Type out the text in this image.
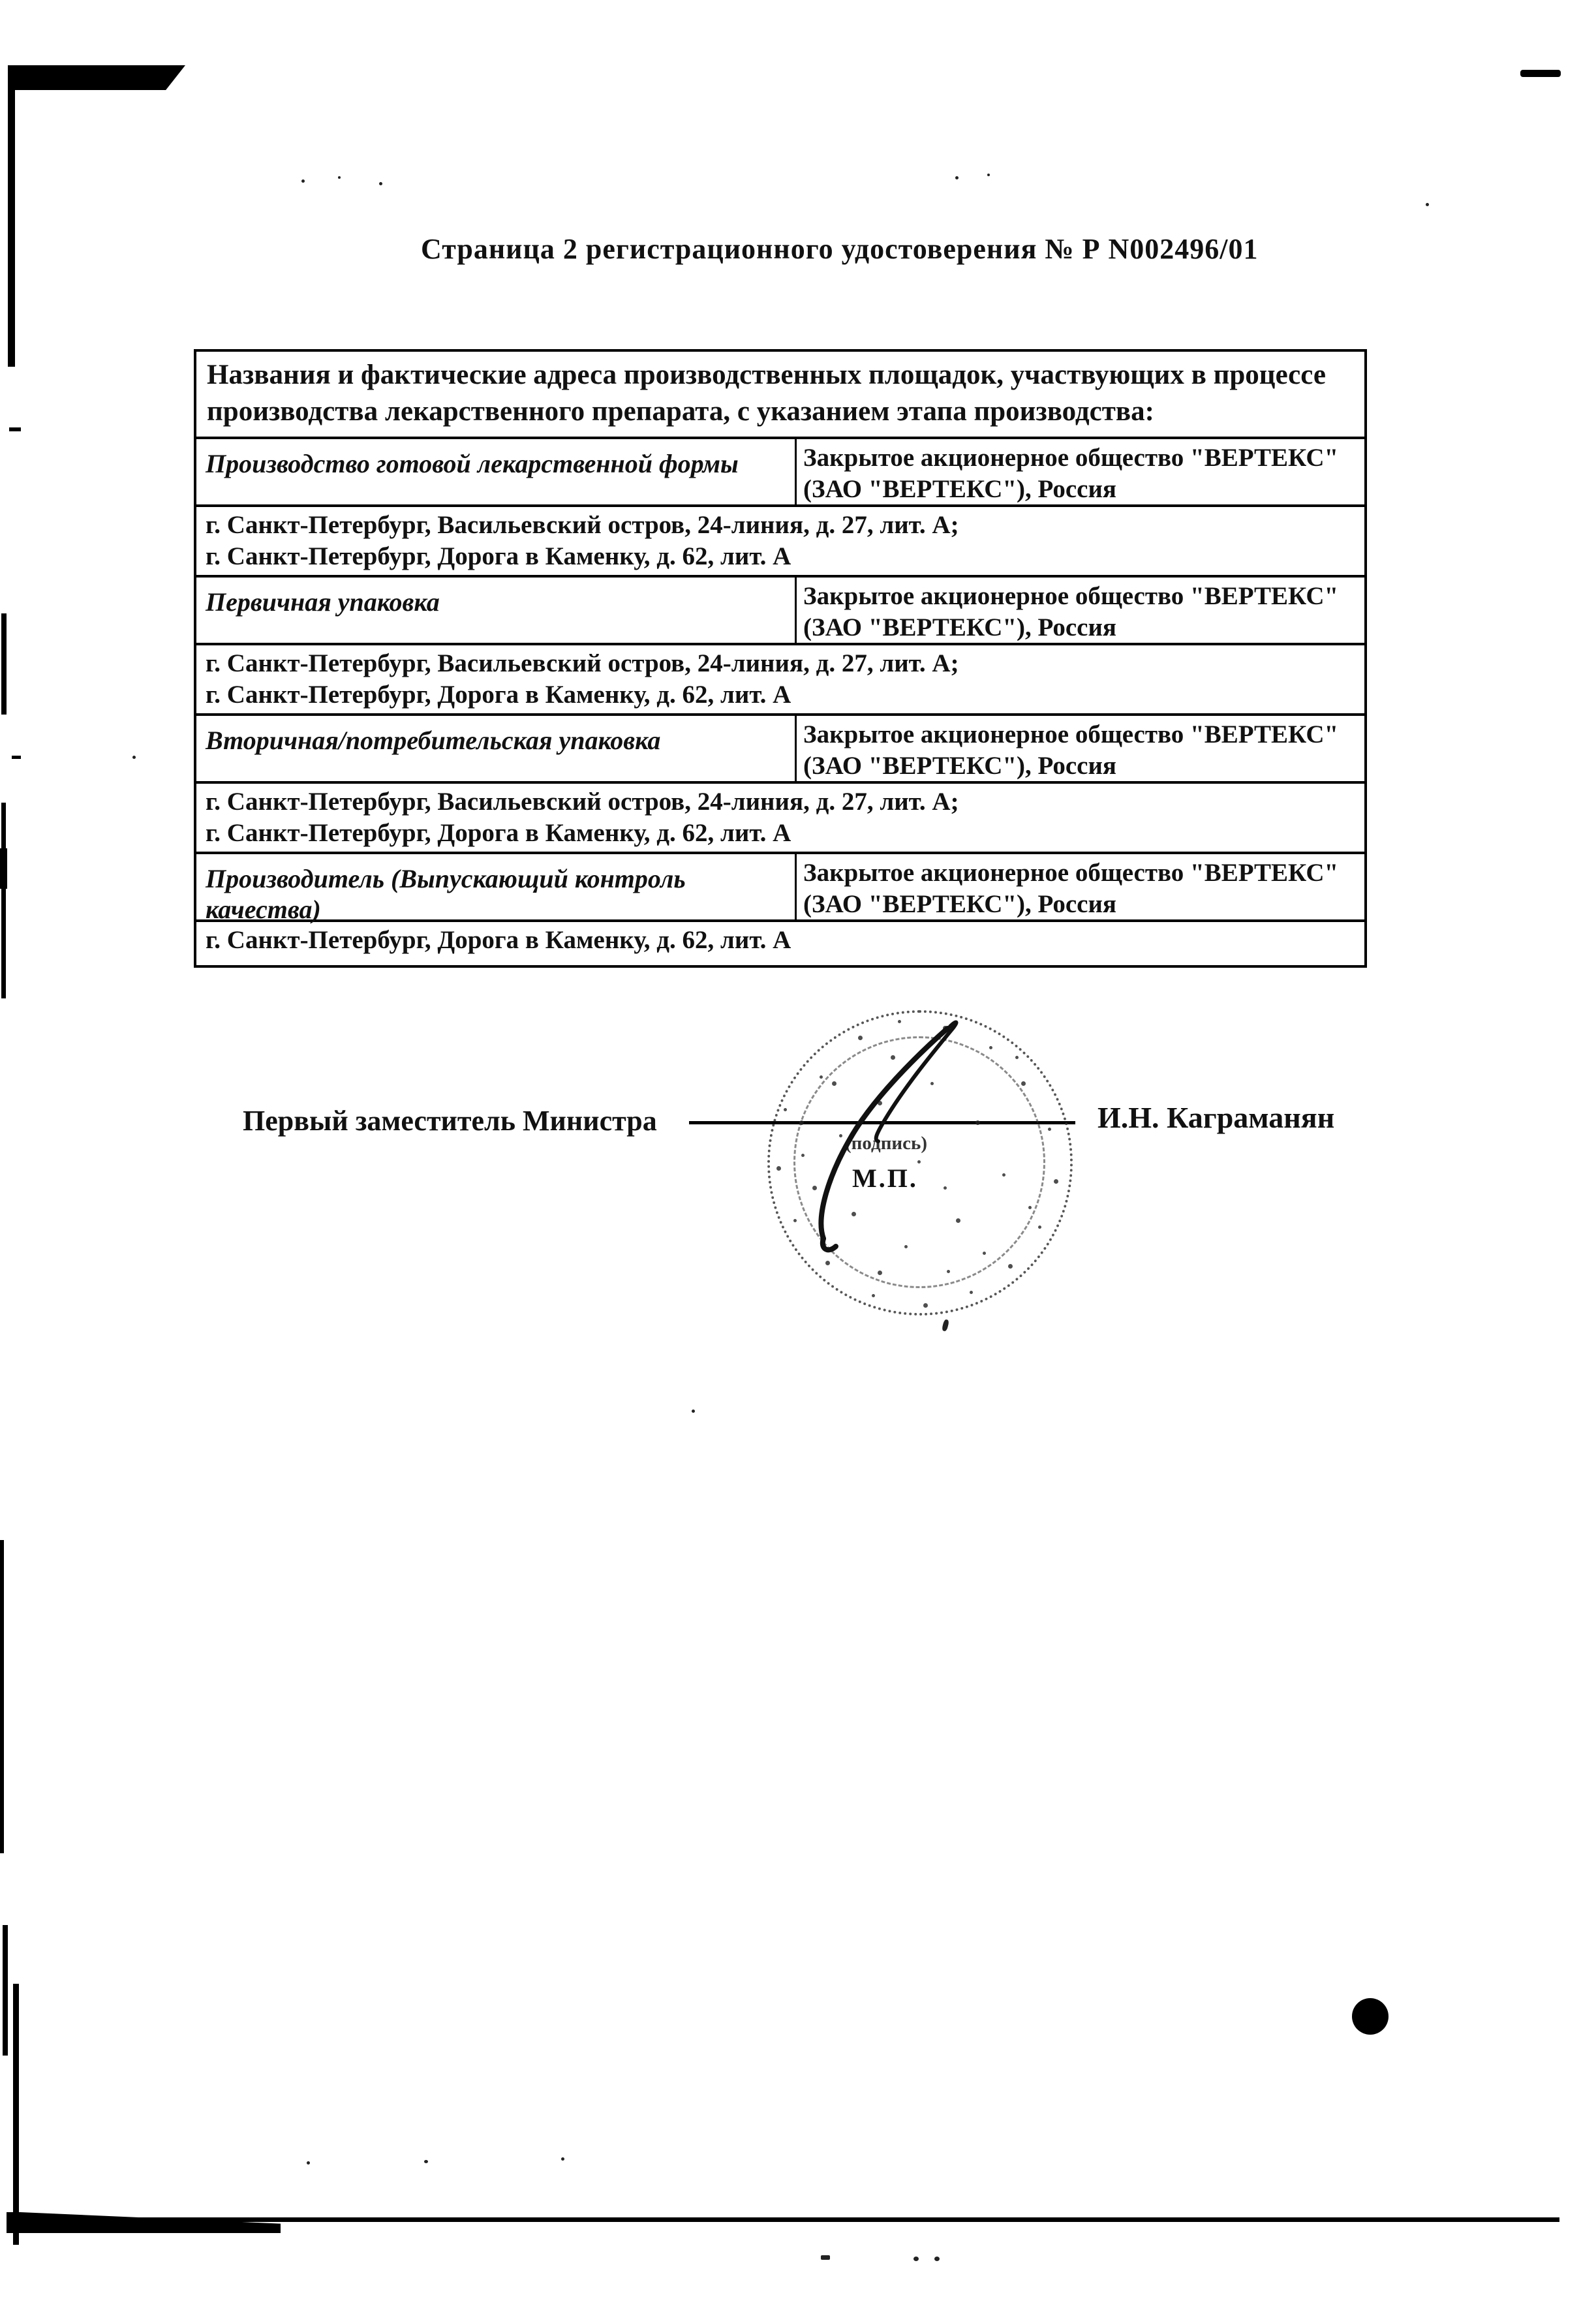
Страница 2 регистрационного удостоверения № Р N002496/01
Названия и фактические адреса производственных площадок, участвующих в процессе производства лекарственного препарата, с указанием этапа производства:
Производство готовой лекарственной формы	Закрытое акционерное общество "ВЕРТЕКС"
(ЗАО "ВЕРТЕКС"), Россия
г. Санкт-Петербург, Васильевский остров, 24-линия, д. 27, лит. А;
г. Санкт-Петербург, Дорога в Каменку, д. 62, лит. А
Первичная упаковка	Закрытое акционерное общество "ВЕРТЕКС"
(ЗАО "ВЕРТЕКС"), Россия
г. Санкт-Петербург, Васильевский остров, 24-линия, д. 27, лит. А;
г. Санкт-Петербург, Дорога в Каменку, д. 62, лит. А
Вторичная/потребительская упаковка	Закрытое акционерное общество "ВЕРТЕКС"
(ЗАО "ВЕРТЕКС"), Россия
г. Санкт-Петербург, Васильевский остров, 24-линия, д. 27, лит. А;
г. Санкт-Петербург, Дорога в Каменку, д. 62, лит. А
Производитель (Выпускающий контроль качества)
Закрытое акционерное общество "ВЕРТЕКС"
(ЗАО "ВЕРТЕКС"), Россия
г. Санкт-Петербург, Дорога в Каменку, д. 62, лит. А
Первый заместитель Министра
(подпись)
М.П.
И.Н. Каграманян
